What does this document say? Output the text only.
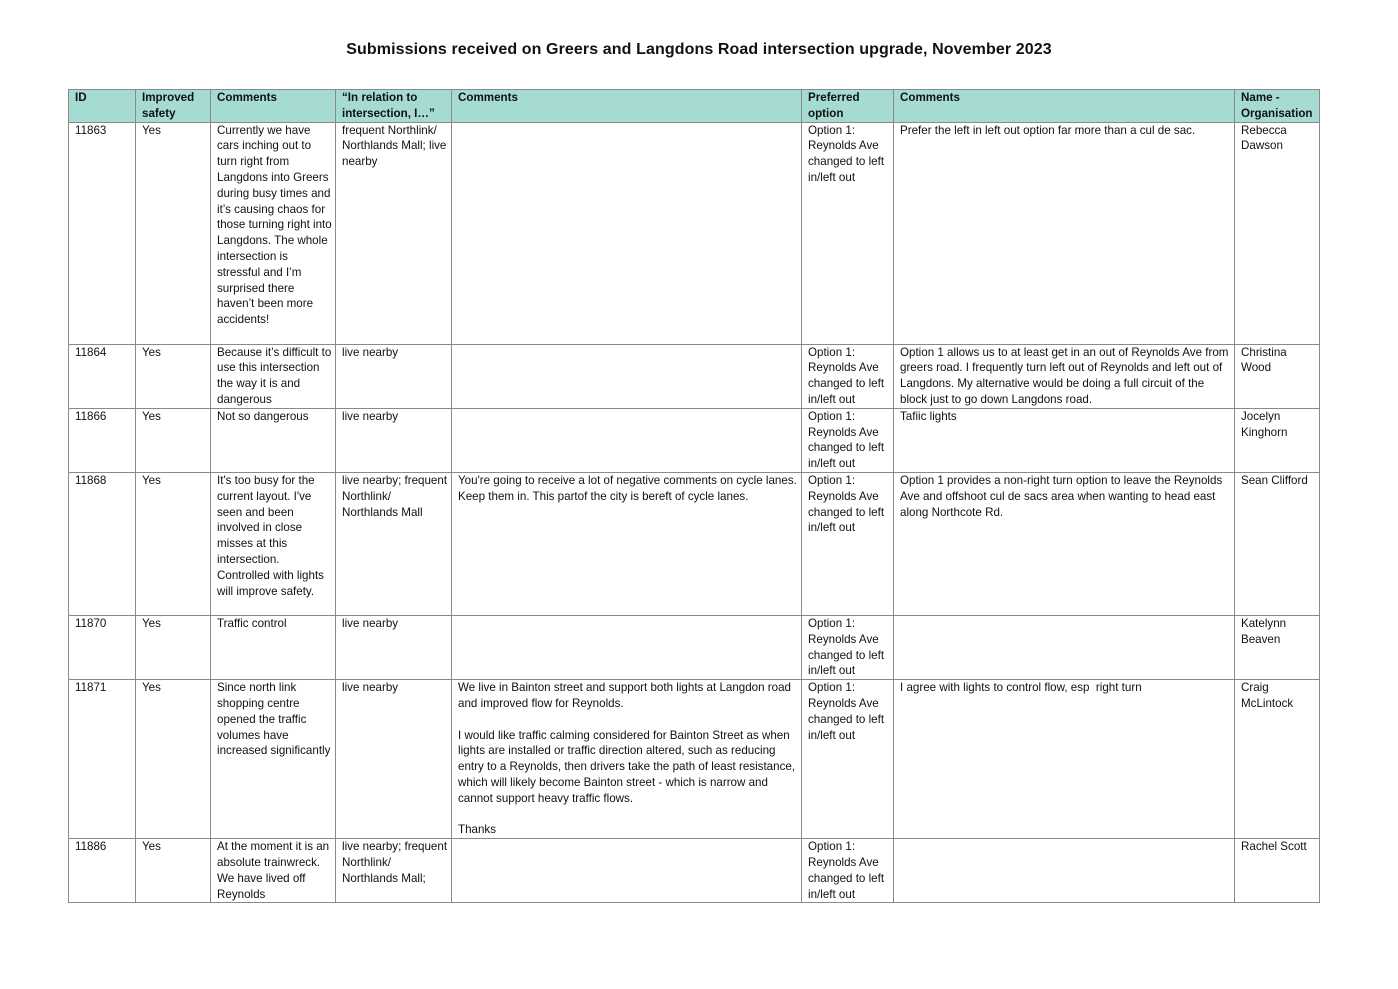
Submissions received on Greers and Langdons Road intersection upgrade, November 2023
ID	Improved safety	Comments	“In relation to intersection, I…”	Comments	Preferred option	Comments	Name - Organisation
11863	Yes	Currently we have cars inching out to turn right from Langdons into Greers during busy times and it’s causing chaos for those turning right into Langdons. The whole intersection is stressful and I’m surprised there haven’t been more accidents!	frequent Northlink/ Northlands Mall; live nearby		Option 1: Reynolds Ave changed to left in/left out	Prefer the left in left out option far more than a cul de sac.	Rebecca Dawson
11864	Yes	Because it’s difficult to use this intersection the way it is and dangerous	live nearby		Option 1: Reynolds Ave changed to left in/left out	Option 1 allows us to at least get in an out of Reynolds Ave from greers road. I frequently turn left out of Reynolds and left out of Langdons. My alternative would be doing a full circuit of the block just to go down Langdons road.	Christina Wood
11866	Yes	Not so dangerous	live nearby		Option 1: Reynolds Ave changed to left in/left out	Tafiic lights	Jocelyn Kinghorn
11868	Yes	It's too busy for the current layout. I've seen and been involved in close misses at this intersection. Controlled with lights will improve safety.	live nearby; frequent Northlink/ Northlands Mall	You're going to receive a lot of negative comments on cycle lanes. Keep them in. This partof the city is bereft of cycle lanes.	Option 1: Reynolds Ave changed to left in/left out	Option 1 provides a non-right turn option to leave the Reynolds Ave and offshoot cul de sacs area when wanting to head east along Northcote Rd.	Sean Clifford
11870	Yes	Traffic control	live nearby		Option 1: Reynolds Ave changed to left in/left out		Katelynn Beaven
11871	Yes	Since north link shopping centre opened the traffic volumes have increased significantly	live nearby	We live in Bainton street and support both lights at Langdon road and improved flow for Reynolds.

I would like traffic calming considered for Bainton Street as when lights are installed or traffic direction altered, such as reducing entry to a Reynolds, then drivers take the path of least resistance, which will likely become Bainton street - which is narrow and cannot support heavy traffic flows.

Thanks	Option 1: Reynolds Ave changed to left in/left out	I agree with lights to control flow, esp  right turn	Craig McLintock
11886	Yes	At the moment it is an absolute trainwreck.  We have lived off Reynolds	live nearby; frequent Northlink/ Northlands Mall;		Option 1: Reynolds Ave changed to left in/left out		Rachel Scott
